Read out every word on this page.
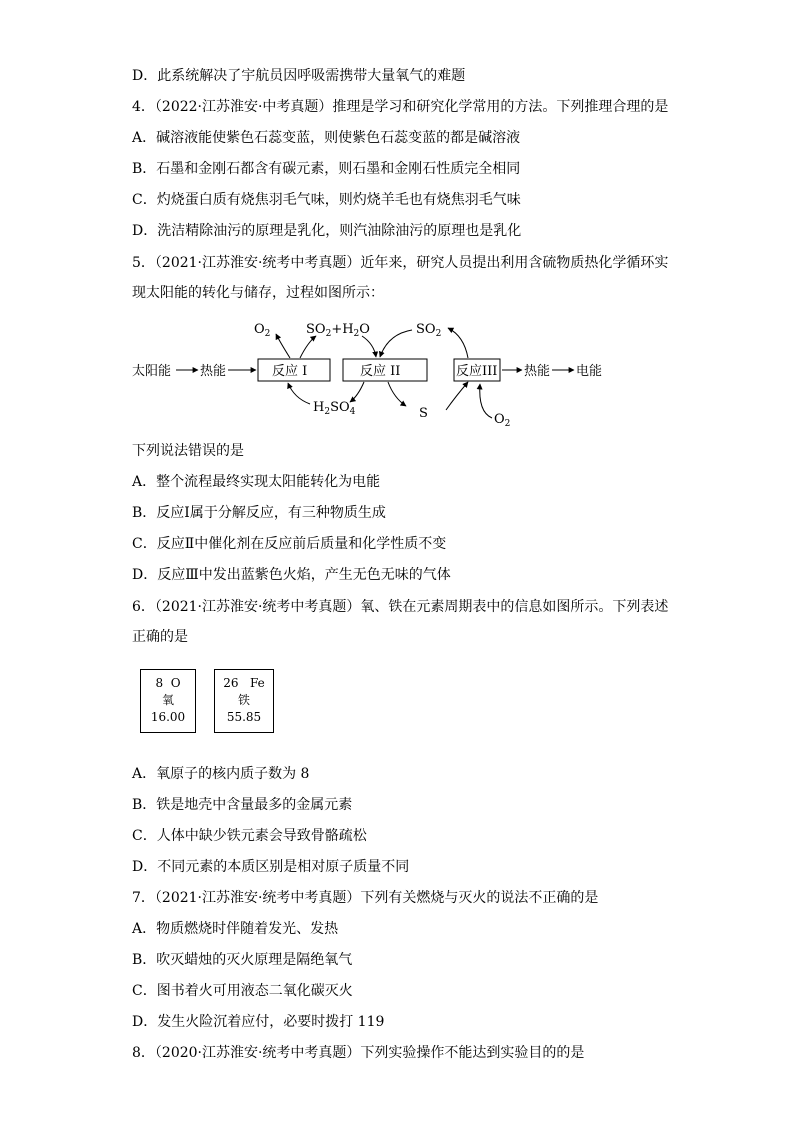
D．此系统解决了宇航员因呼吸需携带大量氧气的难题
4．（2022·江苏淮安·中考真题）推理是学习和研究化学常用的方法。下列推理合理的是
A．碱溶液能使紫色石蕊变蓝，则使紫色石蕊变蓝的都是碱溶液
B．石墨和金刚石都含有碳元素，则石墨和金刚石性质完全相同
C．灼烧蛋白质有烧焦羽毛气味，则灼烧羊毛也有烧焦羽毛气味
D．洗洁精除油污的原理是乳化，则汽油除油污的原理也是乳化
5．（2021·江苏淮安·统考中考真题）近年来，研究人员提出利用含硫物质热化学循环实
现太阳能的转化与储存，过程如图所示：
太阳能 热能	反应 I	反应 II	反应III 热能 电能
$O_2$	$SO_2+H_2O$	$SO_2$
$H_2SO_4$	S	$O_2$
下列说法错误的是
A．整个流程最终实现太阳能转化为电能
B．反应Ⅰ属于分解反应，有三种物质生成
C．反应Ⅱ中催化剂在反应前后质量和化学性质不变
D．反应Ⅲ中发出蓝紫色火焰，产生无色无味的气体
6．（2021·江苏淮安·统考中考真题）氧、铁在元素周期表中的信息如图所示。下列表述
正确的是
8 O
氧
16.00
26 Fe
铁
55.85
A．氧原子的核内质子数为 8
B．铁是地壳中含量最多的金属元素
C．人体中缺少铁元素会导致骨骼疏松
D．不同元素的本质区别是相对原子质量不同
7．（2021·江苏淮安·统考中考真题）下列有关燃烧与灭火的说法不正确的是
A．物质燃烧时伴随着发光、发热
B．吹灭蜡烛的灭火原理是隔绝氧气
C．图书着火可用液态二氧化碳灭火
D．发生火险沉着应付，必要时拨打 119
8．（2020·江苏淮安·统考中考真题）下列实验操作不能达到实验目的的是
